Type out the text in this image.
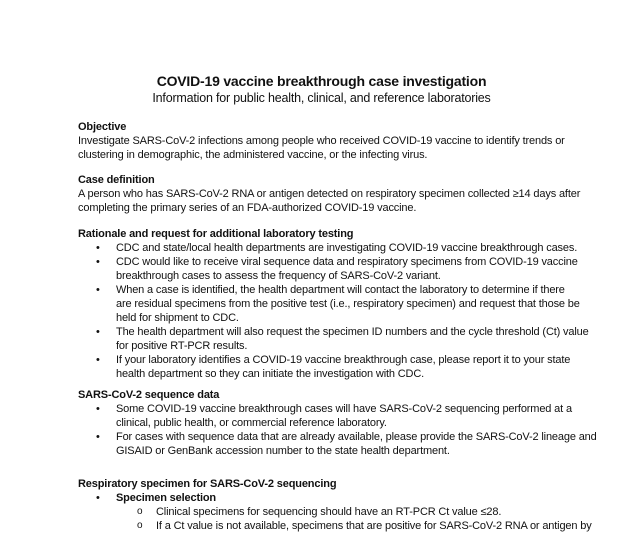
COVID-19 vaccine breakthrough case investigation
Information for public health, clinical, and reference laboratories
Objective
Investigate SARS-CoV-2 infections among people who received COVID-19 vaccine to identify trends or
clustering in demographic, the administered vaccine, or the infecting virus.
Case definition
A person who has SARS-CoV-2 RNA or antigen detected on respiratory specimen collected ≥14 days after
completing the primary series of an FDA-authorized COVID-19 vaccine.
Rationale and request for additional laboratory testing
• CDC and state/local health departments are investigating COVID-19 vaccine breakthrough cases.
• CDC would like to receive viral sequence data and respiratory specimens from COVID-19 vaccine
breakthrough cases to assess the frequency of SARS-CoV-2 variant.
• When a case is identified, the health department will contact the laboratory to determine if there
are residual specimens from the positive test (i.e., respiratory specimen) and request that those be
held for shipment to CDC.
• The health department will also request the specimen ID numbers and the cycle threshold (Ct) value
for positive RT-PCR results.
• If your laboratory identifies a COVID-19 vaccine breakthrough case, please report it to your state
health department so they can initiate the investigation with CDC.
SARS-CoV-2 sequence data
• Some COVID-19 vaccine breakthrough cases will have SARS-CoV-2 sequencing performed at a
clinical, public health, or commercial reference laboratory.
• For cases with sequence data that are already available, please provide the SARS-CoV-2 lineage and
GISAID or GenBank accession number to the state health department.
Respiratory specimen for SARS-CoV-2 sequencing
• Specimen selection
o Clinical specimens for sequencing should have an RT-PCR Ct value ≤28.
o If a Ct value is not available, specimens that are positive for SARS-CoV-2 RNA or antigen by
